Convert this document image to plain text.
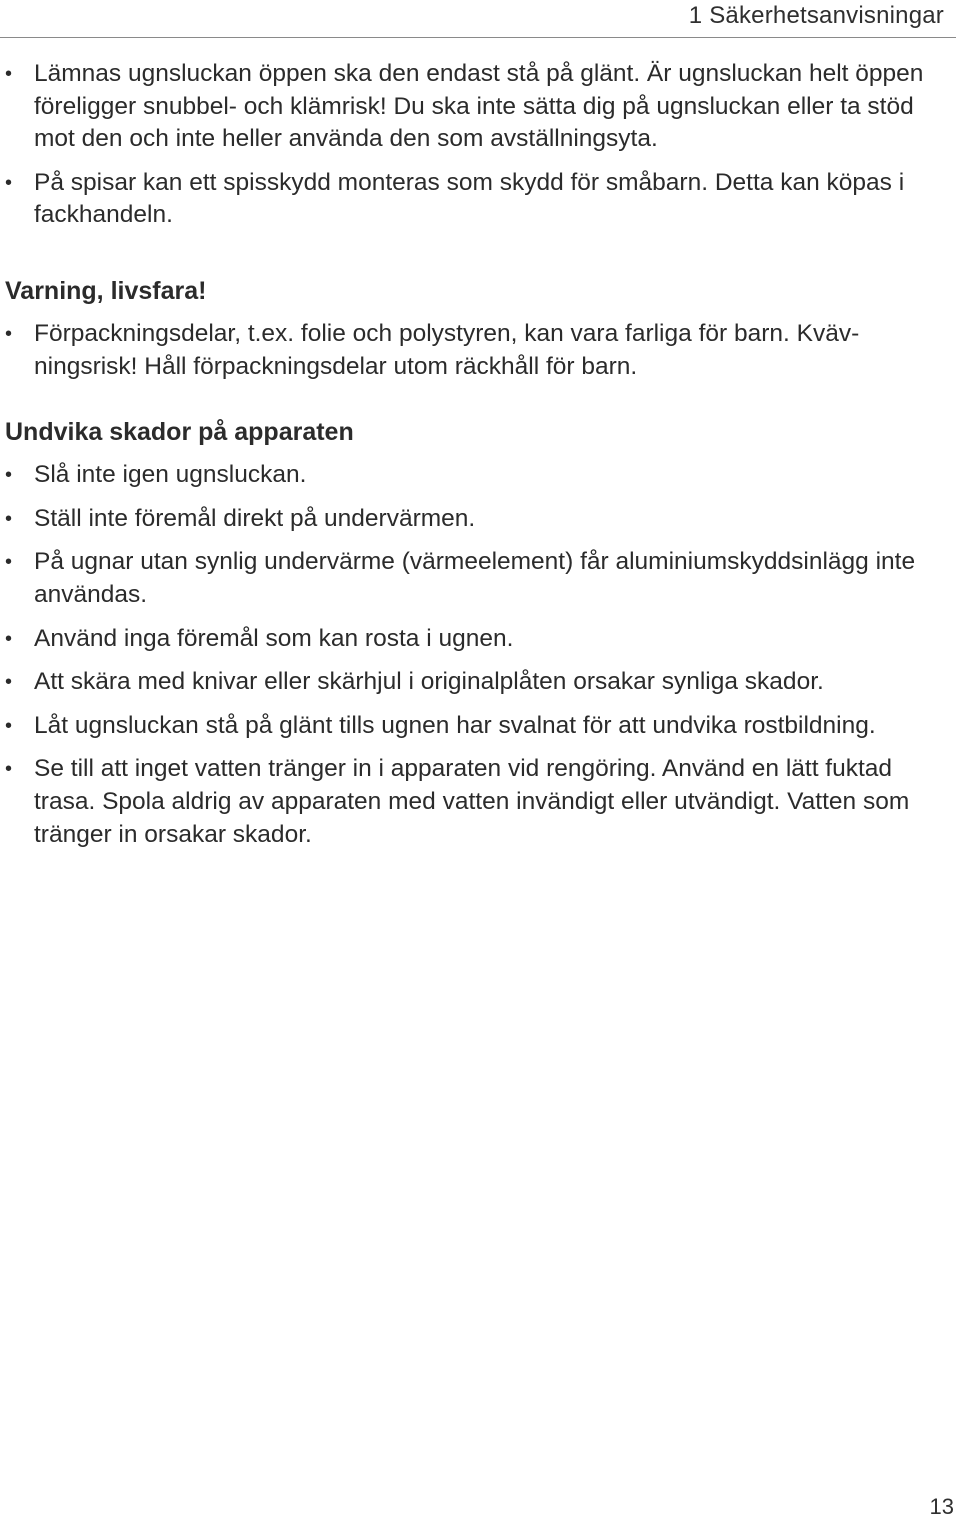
1 Säkerhetsanvisningar
• Lämnas ugnsluckan öppen ska den endast stå på glänt. Är ugnsluckan helt öppen föreligger snubbel- och klämrisk! Du ska inte sätta dig på ugnsluckan eller ta stöd mot den och inte heller använda den som avställningsyta.
• På spisar kan ett spisskydd monteras som skydd för småbarn. Detta kan köpas i fackhandeln.
Varning, livsfara!
• Förpackningsdelar, t.ex. folie och polystyren, kan vara farliga för barn. Kvävningsrisk! Håll förpackningsdelar utom räckhåll för barn.
Undvika skador på apparaten
• Slå inte igen ugnsluckan.
• Ställ inte föremål direkt på undervärmen.
• På ugnar utan synlig undervärme (värmeelement) får aluminiumskyddsinlägg inte användas.
• Använd inga föremål som kan rosta i ugnen.
• Att skära med knivar eller skärhjul i originalplåten orsakar synliga skador.
• Låt ugnsluckan stå på glänt tills ugnen har svalnat för att undvika rostbildning.
• Se till att inget vatten tränger in i apparaten vid rengöring. Använd en lätt fuktad trasa. Spola aldrig av apparaten med vatten invändigt eller utvändigt. Vatten som tränger in orsakar skador.
13
